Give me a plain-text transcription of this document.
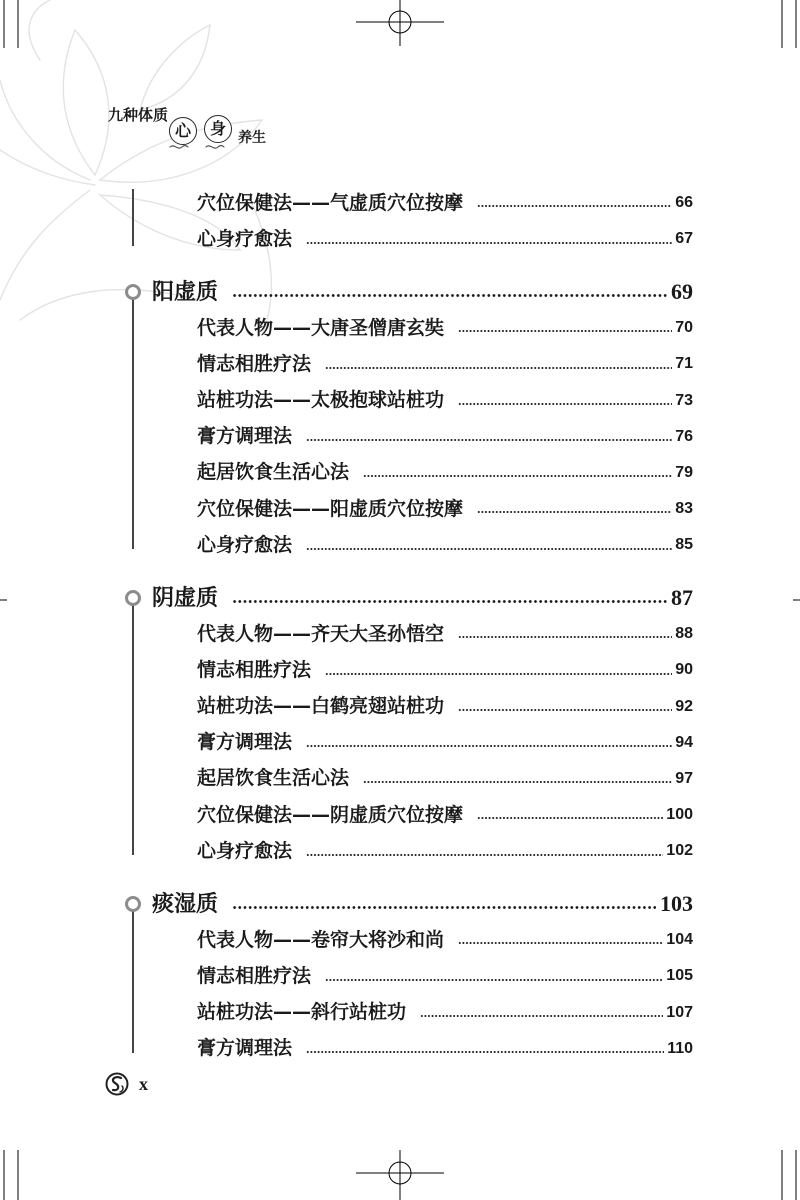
九种体质
心 身 养生
穴位保健法——气虚质穴位按摩	66
心身疗愈法	67
阳虚质	69
代表人物——大唐圣僧唐玄奘	70
情志相胜疗法	71
站桩功法——太极抱球站桩功	73
膏方调理法	76
起居饮食生活心法	79
穴位保健法——阳虚质穴位按摩	83
心身疗愈法	85
阴虚质	87
代表人物——齐天大圣孙悟空	88
情志相胜疗法	90
站桩功法——白鹤亮翅站桩功	92
膏方调理法	94
起居饮食生活心法	97
穴位保健法——阴虚质穴位按摩	100
心身疗愈法	102
痰湿质	103
代表人物——卷帘大将沙和尚	104
情志相胜疗法	105
站桩功法——斜行站桩功	107
膏方调理法	110
x
